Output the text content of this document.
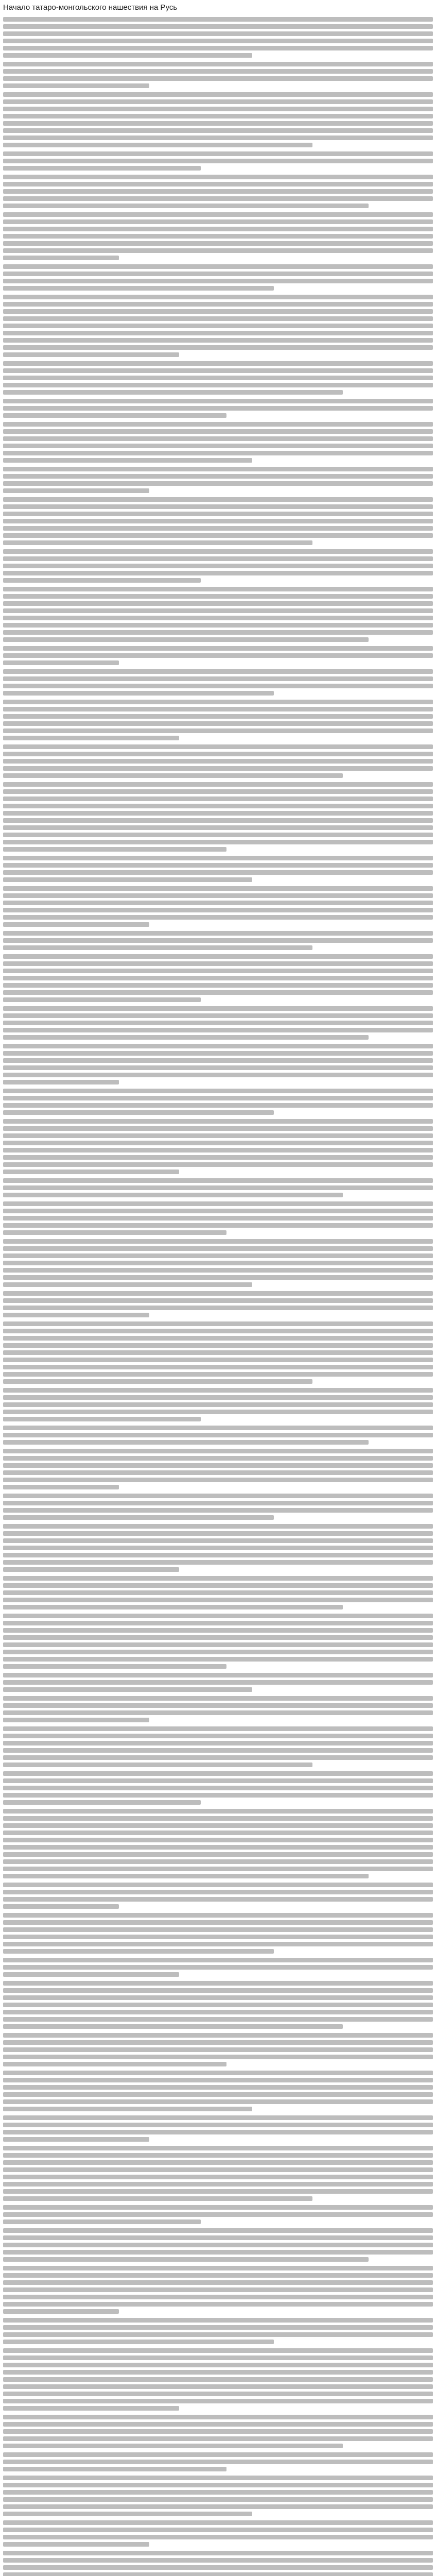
Начало татаро-монгольского нашествия на Русь
